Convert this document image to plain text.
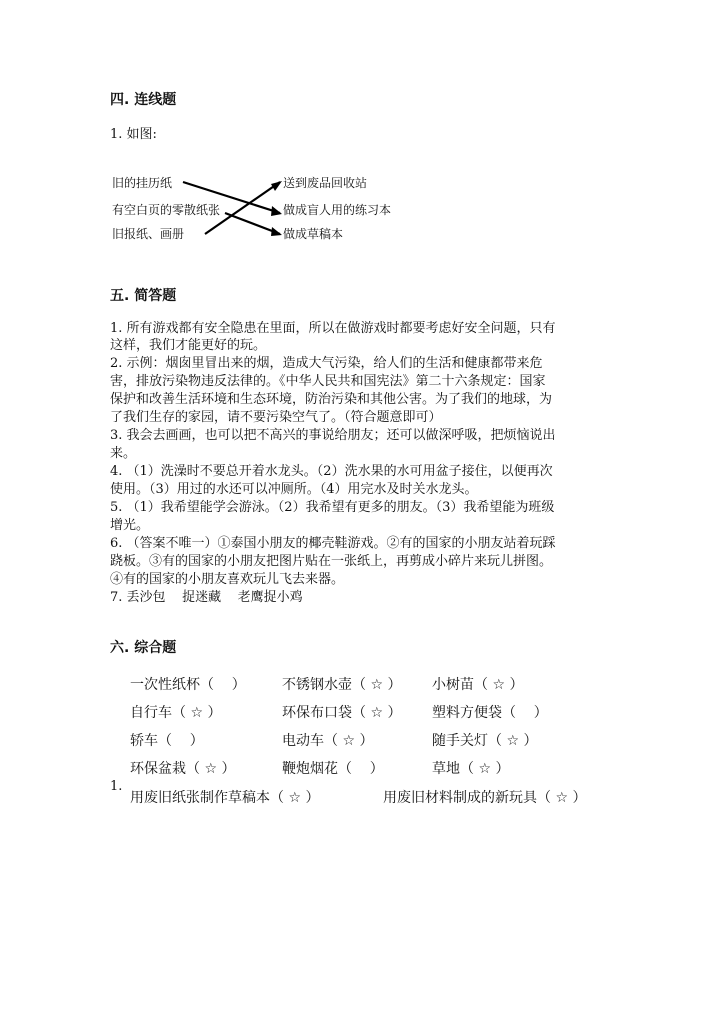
四. 连线题
1. 如图:
旧的挂历纸
有空白页的零散纸张
旧报纸、画册
送到废品回收站
做成盲人用的练习本
做成草稿本
五. 简答题
1. 所有游戏都有安全隐患在里面，所以在做游戏时都要考虑好安全问题，只有
这样，我们才能更好的玩。
2. 示例：烟囱里冒出来的烟，造成大气污染，给人们的生活和健康都带来危
害，排放污染物违反法律的。《中华人民共和国宪法》第二十六条规定：国家
保护和改善生活环境和生态环境，防治污染和其他公害。为了我们的地球，为
了我们生存的家园，请不要污染空气了。（符合题意即可）
3. 我会去画画，也可以把不高兴的事说给朋友；还可以做深呼吸，把烦恼说出
来。
4. （1）洗澡时不要总开着水龙头。（2）洗水果的水可用盆子接住，以便再次
使用。（3）用过的水还可以冲厕所。（4）用完水及时关水龙头。
5. （1）我希望能学会游泳。（2）我希望有更多的朋友。（3）我希望能为班级
增光。
6. （答案不唯一）①泰国小朋友的椰壳鞋游戏。②有的国家的小朋友站着玩踩
跷板。③有的国家的小朋友把图片贴在一张纸上，再剪成小碎片来玩儿拼图。
④有的国家的小朋友喜欢玩儿飞去来器。
7. 丢沙包    捉迷藏    老鹰捉小鸡
六. 综合题
一次性纸杯（    ）	不锈钢水壶（ ☆ ） 小树苗（ ☆ ）
自行车（ ☆ ）	环保布口袋（ ☆ ） 塑料方便袋（    ）
轿车（    ）	电动车（ ☆ ）	随手关灯（ ☆ ）
环保盆栽（ ☆ ）	鞭炮烟花（    ）	草地（ ☆ ）
1.
用废旧纸张制作草稿本（ ☆ ）	用废旧材料制成的新玩具（ ☆ ）
